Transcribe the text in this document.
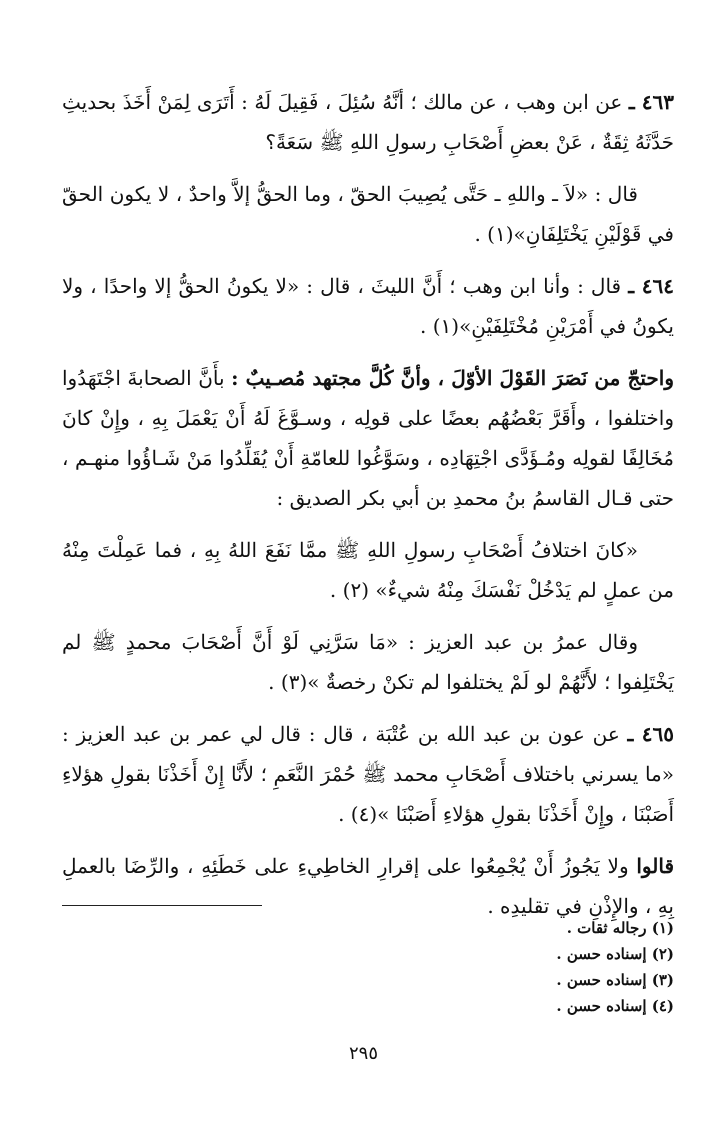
٤٦٣ ـ عن ابن وهب ، عن مالك ؛ أنَّهُ سُئِلَ ، فَقِيلَ لَهُ : أَتَرَى لِمَنْ أَخَذَ بحديثِ حَدَّثَهُ ثِقَةٌ ، عَنْ بعضِ أَصْحَابِ رسولِ اللهِ ﷺ سَعَةً؟

قال : «لاَ ـ واللهِ ـ حَتَّى يُصِيبَ الحقّ ، وما الحقُّ إلاَّ واحدٌ ، لا يكون الحقّ في قَوْلَيْنِ يَخْتَلِفَانِ»(١) .

٤٦٤ ـ قال : وأنا ابن وهب ؛ أَنَّ الليثَ ، قال : «لا يكونُ الحقُّ إلا واحدًا ، ولا يكونُ في أَمْرَيْنِ مُخْتَلِفَيْنِ»(١) .

واحتجّ من نَصَرَ القَوْلَ الأوّلَ ، وأنَّ كُلَّ مجتهد مُصـيبٌ : بأَنَّ الصحابةَ اجْتَهَدُوا واختلفوا ، وأَقَرَّ بَعْضُهُم بعضًا على قولِه ، وسـوَّغَ لَهُ أَنْ يَعْمَلَ بِهِ ، وإِنْ كانَ مُخَالِفًا لقولِه ومُـؤَدَّى اجْتِهَادِه ، وسَوَّغُوا للعامّةِ أَنْ يُقَلِّدُوا مَنْ شَـاؤُوا منهـم ، حتى قـال القاسمُ بنُ محمدِ بن أبي بكر الصديق :

«كانَ اختلافُ أَصْحَابِ رسولِ اللهِ ﷺ ممَّا نَفَعَ اللهُ بِهِ ، فما عَمِلْتَ مِنْهُ من عملٍ لم يَدْخُلْ نَفْسَكَ مِنْهُ شيءٌ» (٢) .

وقال عمرُ بن عبد العزيز : «مَا سَرَّنِي لَوْ أَنَّ أَصْحَابَ محمدٍ ﷺ لم يَخْتَلِفوا ؛ لأَنَّهُمْ لو لَمْ يختلفوا لم تكنْ رخصةٌ »(٣) .

٤٦٥ ـ عن عون بن عبد الله بن عُتْبَة ، قال : قال لي عمر بن عبد العزيز : «ما يسرني باختلاف أَصْحَابِ محمد ﷺ حُمْرَ النَّعَمِ ؛ لأَنَّا إِنْ أَخَذْنَا بقولِ هؤلاءِ أَصَبْنَا ، وإِنْ أَخَذْنَا بقولِ هؤلاءِ أَصَبْنَا »(٤) .

قالوا ولا يَجُوزُ أَنْ يُجْمِعُوا على إقرارِ الخاطِيءِ على خَطَئِهِ ، والرِّضَا بالعملِ بِهِ ، والإِذْنِ في تقليدِه .

(١) رجاله ثقات .

(٢) إسناده حسن .

(٣) إسناده حسن .

(٤) إسناده حسن .

٢٩٥
